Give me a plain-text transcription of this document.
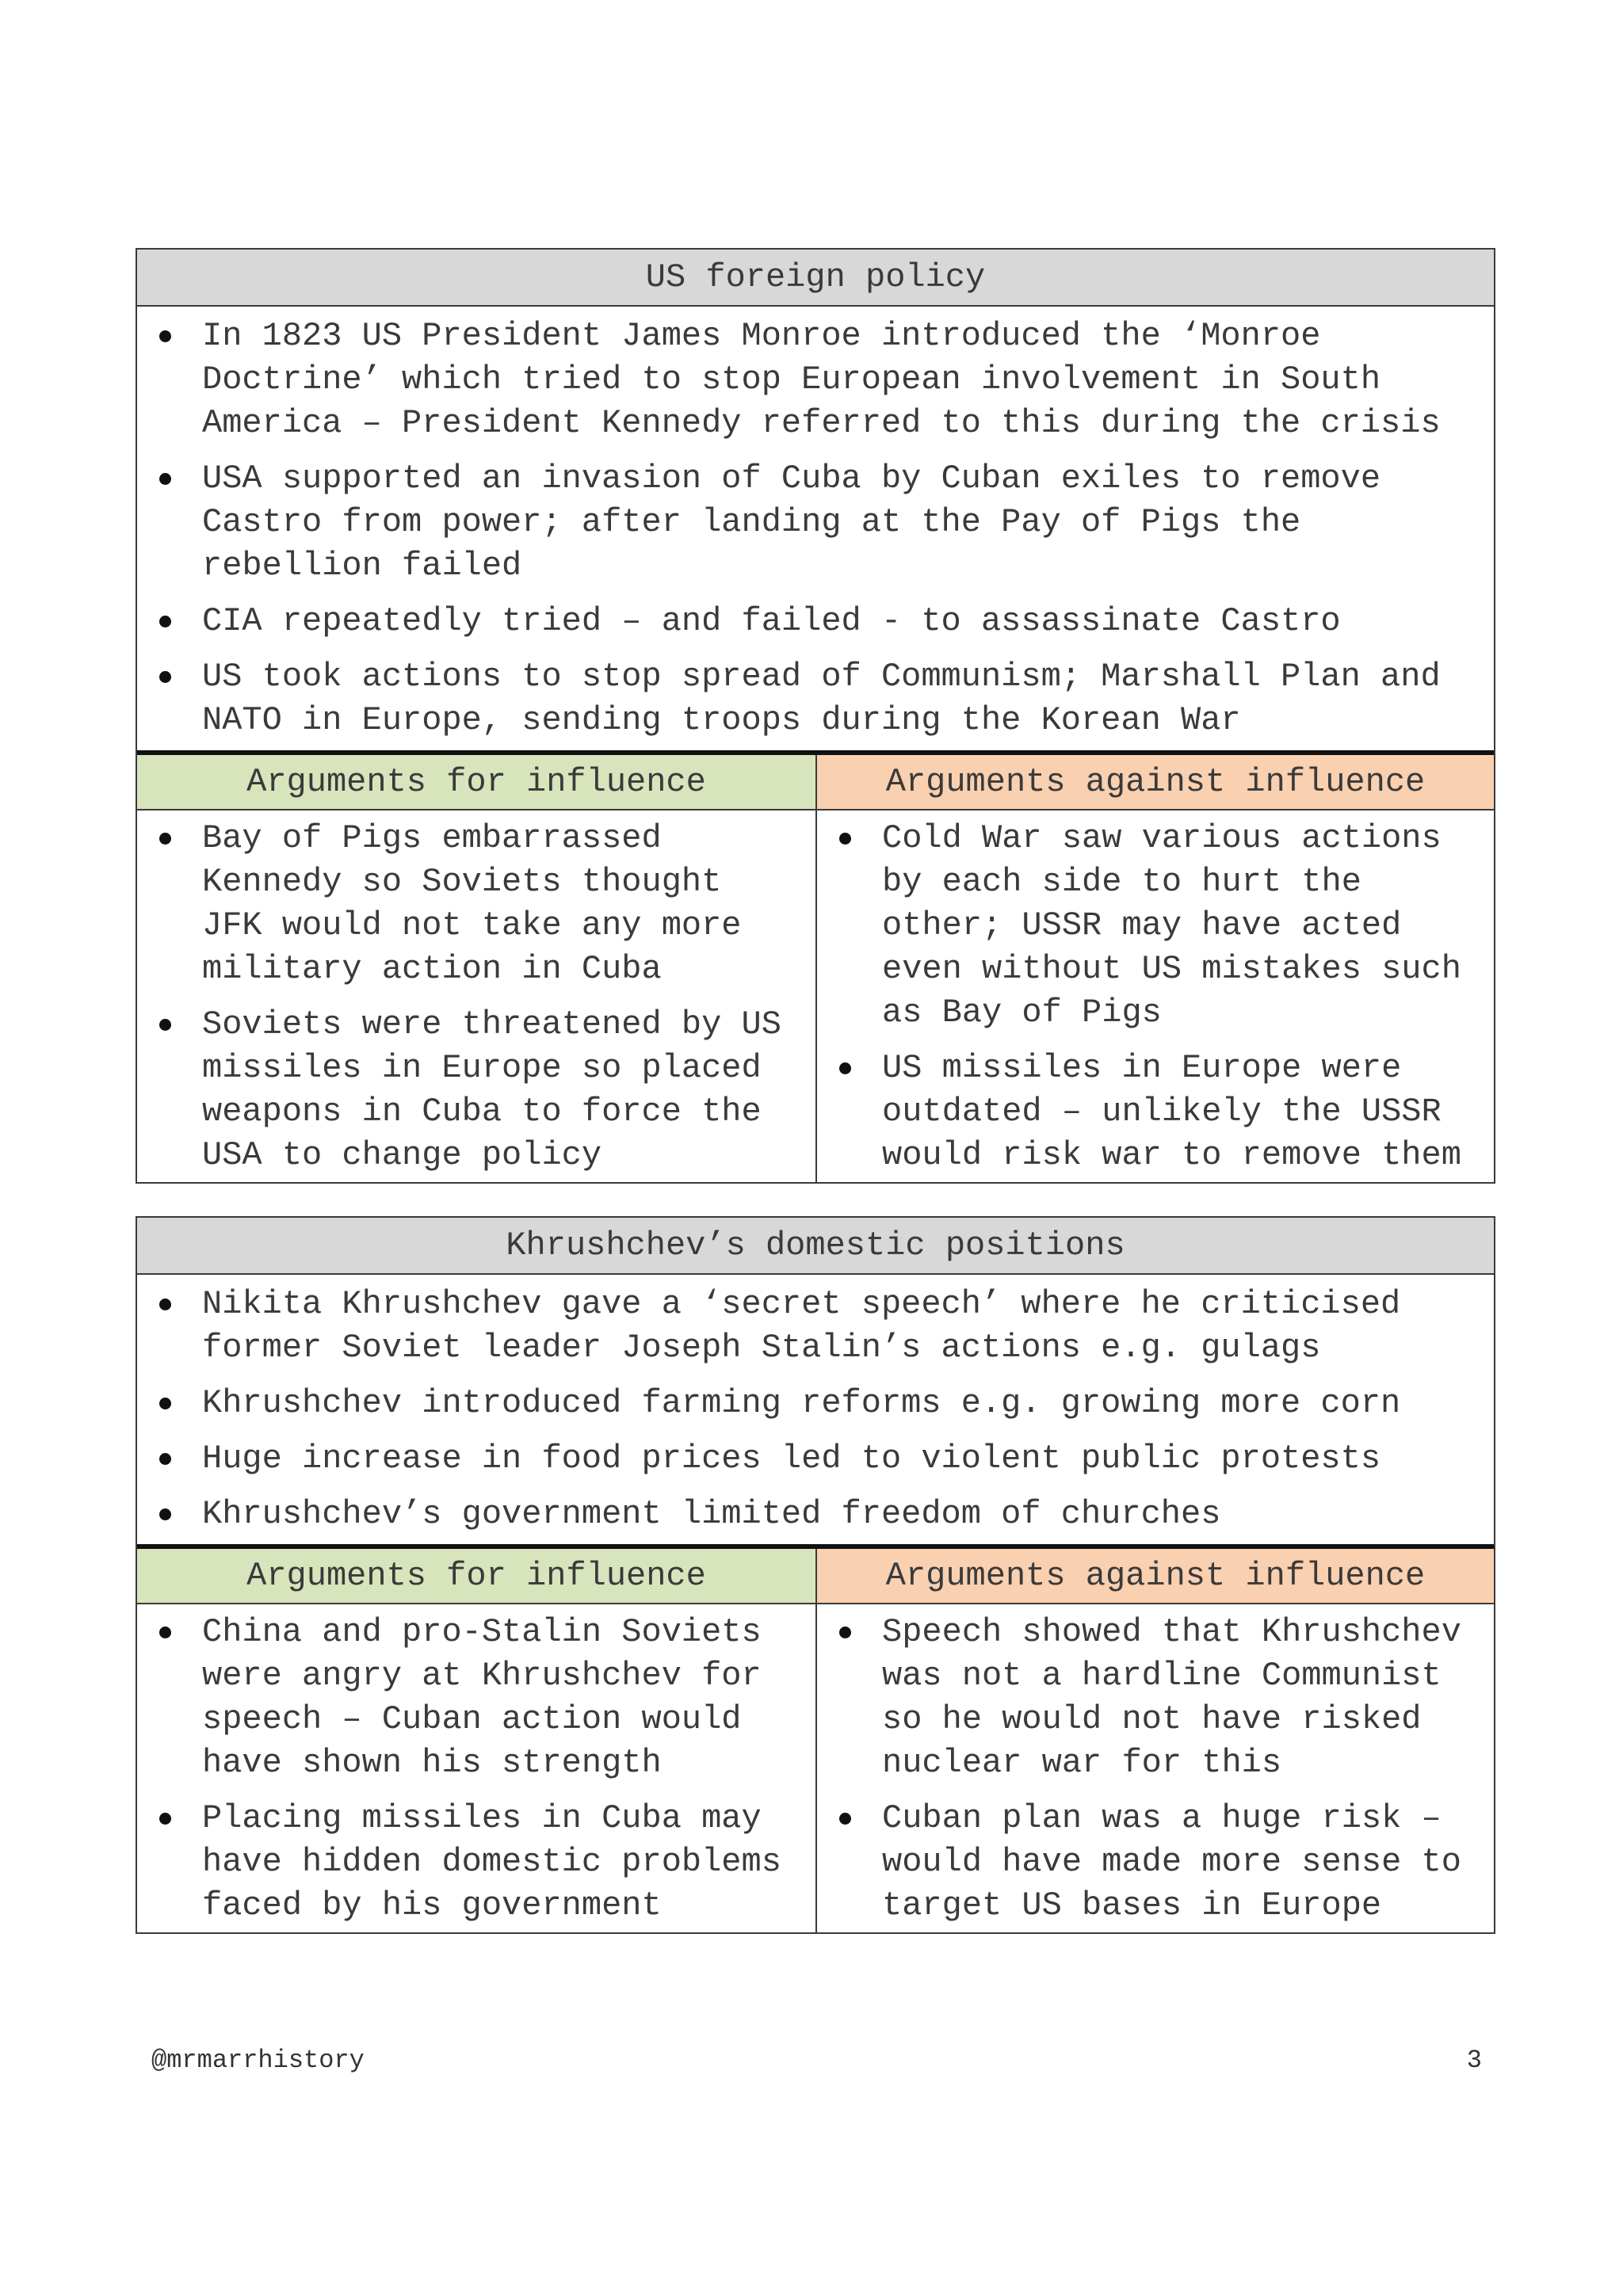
US foreign policy
In 1823 US President James Monroe introduced the ‘Monroe Doctrine’ which tried to stop European involvement in South America – President Kennedy referred to this during the crisis
USA supported an invasion of Cuba by Cuban exiles to remove Castro from power; after landing at the Pay of Pigs the rebellion failed
CIA repeatedly tried – and failed - to assassinate Castro
US took actions to stop spread of Communism; Marshall Plan and NATO in Europe, sending troops during the Korean War
Arguments for influence
Bay of Pigs embarrassed Kennedy so Soviets thought JFK would not take any more military action in Cuba
Soviets were threatened by US missiles in Europe so placed weapons in Cuba to force the USA to change policy
Arguments against influence
Cold War saw various actions by each side to hurt the other; USSR may have acted even without US mistakes such as Bay of Pigs
US missiles in Europe were outdated – unlikely the USSR would risk war to remove them
Khrushchev’s domestic positions
Nikita Khrushchev gave a ‘secret speech’ where he criticised former Soviet leader Joseph Stalin’s actions e.g. gulags
Khrushchev introduced farming reforms e.g. growing more corn
Huge increase in food prices led to violent public protests
Khrushchev’s government limited freedom of churches
Arguments for influence
China and pro-Stalin Soviets were angry at Khrushchev for speech – Cuban action would have shown his strength
Placing missiles in Cuba may have hidden domestic problems faced by his government
Arguments against influence
Speech showed that Khrushchev was not a hardline Communist so he would not have risked nuclear war for this
Cuban plan was a huge risk – would have made more sense to target US bases in Europe
@mrmarrhistory	3
